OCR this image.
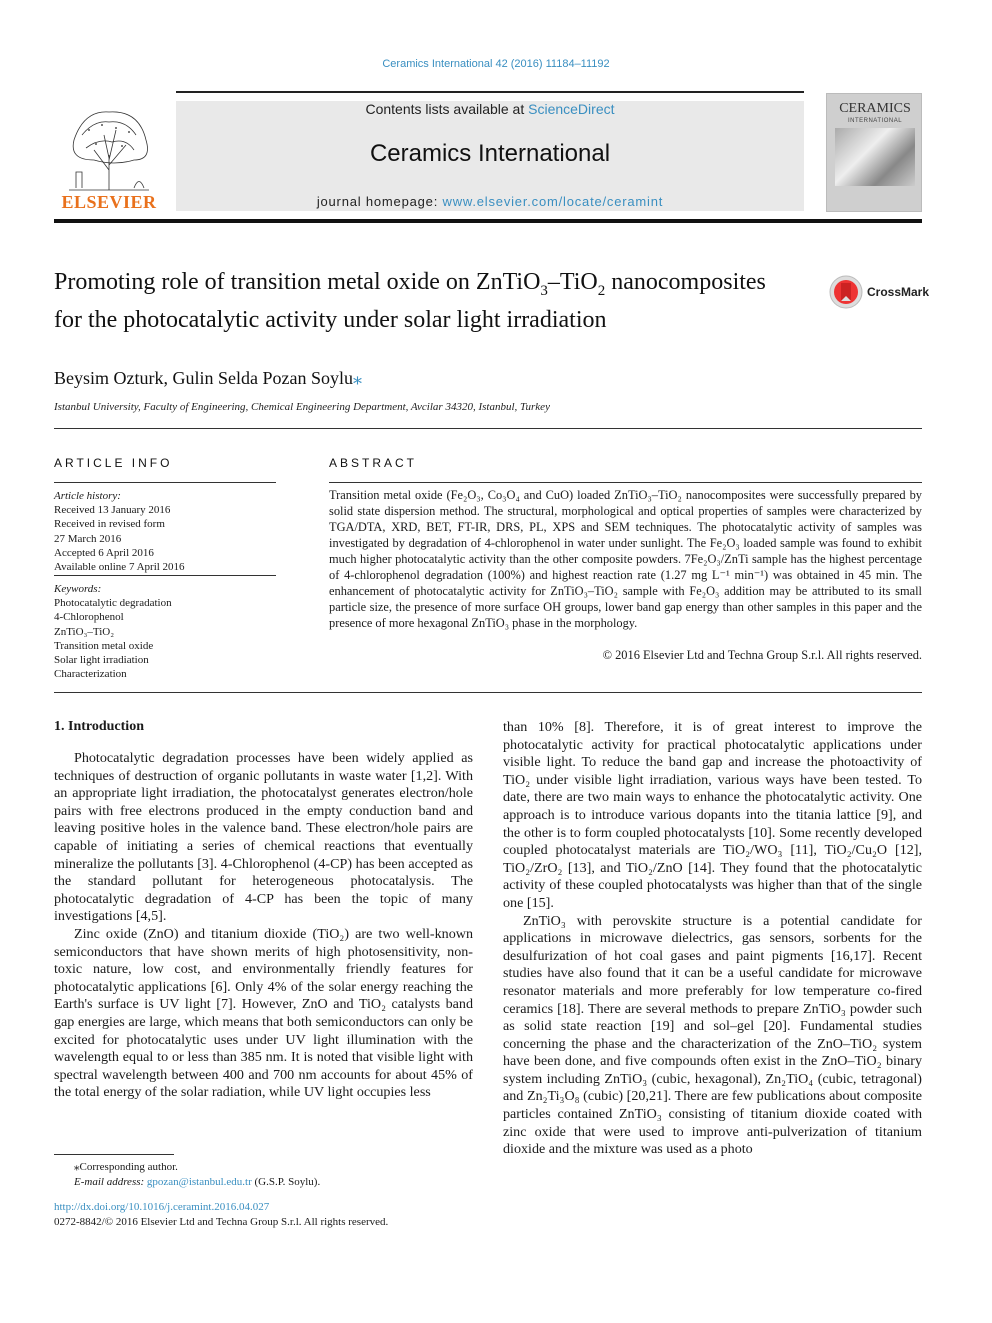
Ceramics International 42 (2016) 11184–11192
ELSEVIER
Contents lists available at ScienceDirect
Ceramics International
journal homepage: www.elsevier.com/locate/ceramint
CERAMICS
INTERNATIONAL
Promoting role of transition metal oxide on ZnTiO$_3$–TiO$_2$ nanocomposites for the photocatalytic activity under solar light irradiation
CrossMark
Beysim Ozturk, Gulin Selda Pozan Soylu⁎
Istanbul University, Faculty of Engineering, Chemical Engineering Department, Avcilar 34320, Istanbul, Turkey
ARTICLE INFO	ABSTRACT
Article history:
Received 13 January 2016
Received in revised form
27 March 2016
Accepted 6 April 2016
Available online 7 April 2016
Keywords:
Photocatalytic degradation
4-Chlorophenol
ZnTiO₃–TiO₂
Transition metal oxide
Solar light irradiation
Characterization
Transition metal oxide (Fe₂O₃, Co₃O₄ and CuO) loaded ZnTiO₃–TiO₂ nanocomposites were successfully prepared by solid state dispersion method. The structural, morphological and optical properties of samples were characterized by TGA/DTA, XRD, BET, FT-IR, DRS, PL, XPS and SEM techniques. The photocatalytic activity of samples was investigated by degradation of 4-chlorophenol in water under sunlight. The Fe₂O₃ loaded sample was found to exhibit much higher photocatalytic activity than the other composite powders. 7Fe₂O₃/ZnTi sample has the highest percentage of 4-chlorophenol degradation (100%) and highest reaction rate (1.27 mg L⁻¹ min⁻¹) was obtained in 45 min. The enhancement of photocatalytic activity for ZnTiO₃–TiO₂ sample with Fe₂O₃ addition may be attributed to its small particle size, the presence of more surface OH groups, lower band gap energy than other samples in this paper and the presence of more hexagonal ZnTiO₃ phase in the morphology.
© 2016 Elsevier Ltd and Techna Group S.r.l. All rights reserved.
1. Introduction

Photocatalytic degradation processes have been widely applied as techniques of destruction of organic pollutants in waste water [1,2]. With an appropriate light irradiation, the photocatalyst generates electron/hole pairs with free electrons produced in the empty conduction band and leaving positive holes in the valence band. These electron/hole pairs are capable of initiating a series of chemical reactions that eventually mineralize the pollutants [3]. 4-Chlorophenol (4-CP) has been accepted as the standard pollutant for heterogeneous photocatalysis. The photocatalytic degradation of 4-CP has been the topic of many investigations [4,5].

Zinc oxide (ZnO) and titanium dioxide (TiO₂) are two well-known semiconductors that have shown merits of high photosensitivity, non-toxic nature, low cost, and environmentally friendly features for photocatalytic applications [6]. Only 4% of the solar energy reaching the Earth's surface is UV light [7]. However, ZnO and TiO₂ catalysts band gap energies are large, which means that both semiconductors can only be excited for photocatalytic uses under UV light illumination with the wavelength equal to or less than 385 nm. It is noted that visible light with spectral wavelength between 400 and 700 nm accounts for about 45% of the total energy of the solar radiation, while UV light occupies less

than 10% [8]. Therefore, it is of great interest to improve the photocatalytic activity for practical photocatalytic applications under visible light. To reduce the band gap and increase the photoactivity of TiO₂ under visible light irradiation, various ways have been tested. To date, there are two main ways to enhance the photocatalytic activity. One approach is to introduce various dopants into the titania lattice [9], and the other is to form coupled photocatalysts [10]. Some recently developed coupled photocatalyst materials are TiO₂/WO₃ [11], TiO₂/Cu₂O [12], TiO₂/ZrO₂ [13], and TiO₂/ZnO [14]. They found that the photocatalytic activity of these coupled photocatalysts was higher than that of the single one [15].

ZnTiO₃ with perovskite structure is a potential candidate for applications in microwave dielectrics, gas sensors, sorbents for the desulfurization of hot coal gases and paint pigments [16,17]. Recent studies have also found that it can be a useful candidate for microwave resonator materials and more preferably for low temperature co-fired ceramics [18]. There are several methods to prepare ZnTiO₃ powder such as solid state reaction [19] and sol–gel [20]. Fundamental studies concerning the phase and the characterization of the ZnO–TiO₂ system have been done, and five compounds often exist in the ZnO–TiO₂ binary system including ZnTiO₃ (cubic, hexagonal), Zn₂TiO₄ (cubic, tetragonal) and Zn₂Ti₃O₈ (cubic) [20,21]. There are few publications about composite particles contained ZnTiO₃ consisting of titanium dioxide coated with zinc oxide that were used to improve anti-pulverization of titanium dioxide and the mixture was used as a photo

⁎Corresponding author.
E-mail address: gpozan@istanbul.edu.tr (G.S.P. Soylu).
http://dx.doi.org/10.1016/j.ceramint.2016.04.027
0272-8842/© 2016 Elsevier Ltd and Techna Group S.r.l. All rights reserved.
